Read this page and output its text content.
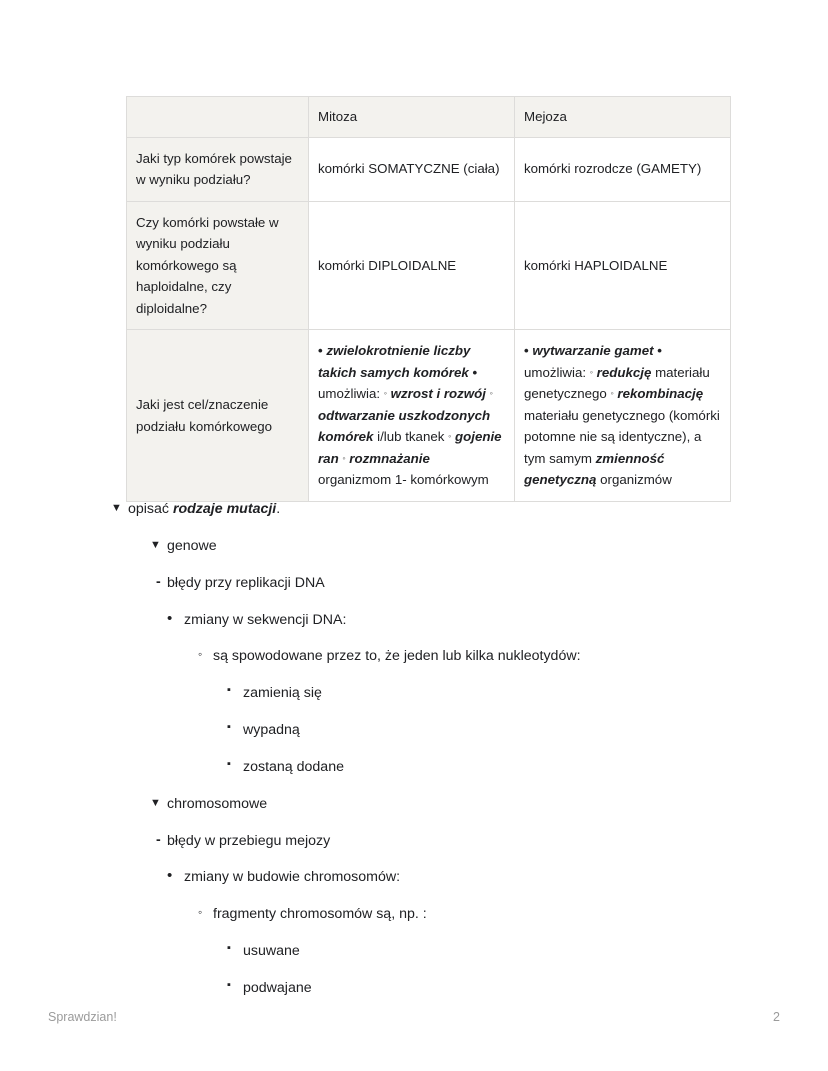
	Mitoza	Mejoza
Jaki typ komórek powstaje w wyniku podziału?	komórki SOMATYCZNE (ciała)	komórki rozrodcze (GAMETY)
Czy komórki powstałe w wyniku podziału komórkowego są haploidalne, czy diploidalne?	komórki DIPLOIDALNE	komórki HAPLOIDALNE
Jaki jest cel/znaczenie podziału komórkowego	• zwielokrotnienie liczby takich samych komórek • umożliwia: ◦ wzrost i rozwój ◦ odtwarzanie uszkodzonych komórek i/lub tkanek ◦ gojenie ran ◦ rozmnażanie organizmom 1- komórkowym	• wytwarzanie gamet • umożliwia: ◦ redukcję materiału genetycznego ◦ rekombinację materiału genetycznego (komórki potomne nie są identyczne), a tym samym zmienność genetyczną organizmów
▼ opisać rodzaje mutacji.
▼ genowe
- błędy przy replikacji DNA
• zmiany w sekwencji DNA:
◦ są spowodowane przez to, że jeden lub kilka nukleotydów:
▪ zamienią się
▪ wypadną
▪ zostaną dodane
▼ chromosomowe
- błędy w przebiegu mejozy
• zmiany w budowie chromosomów:
◦ fragmenty chromosomów są, np. :
▪ usuwane
▪ podwajane
Sprawdzian!	2
